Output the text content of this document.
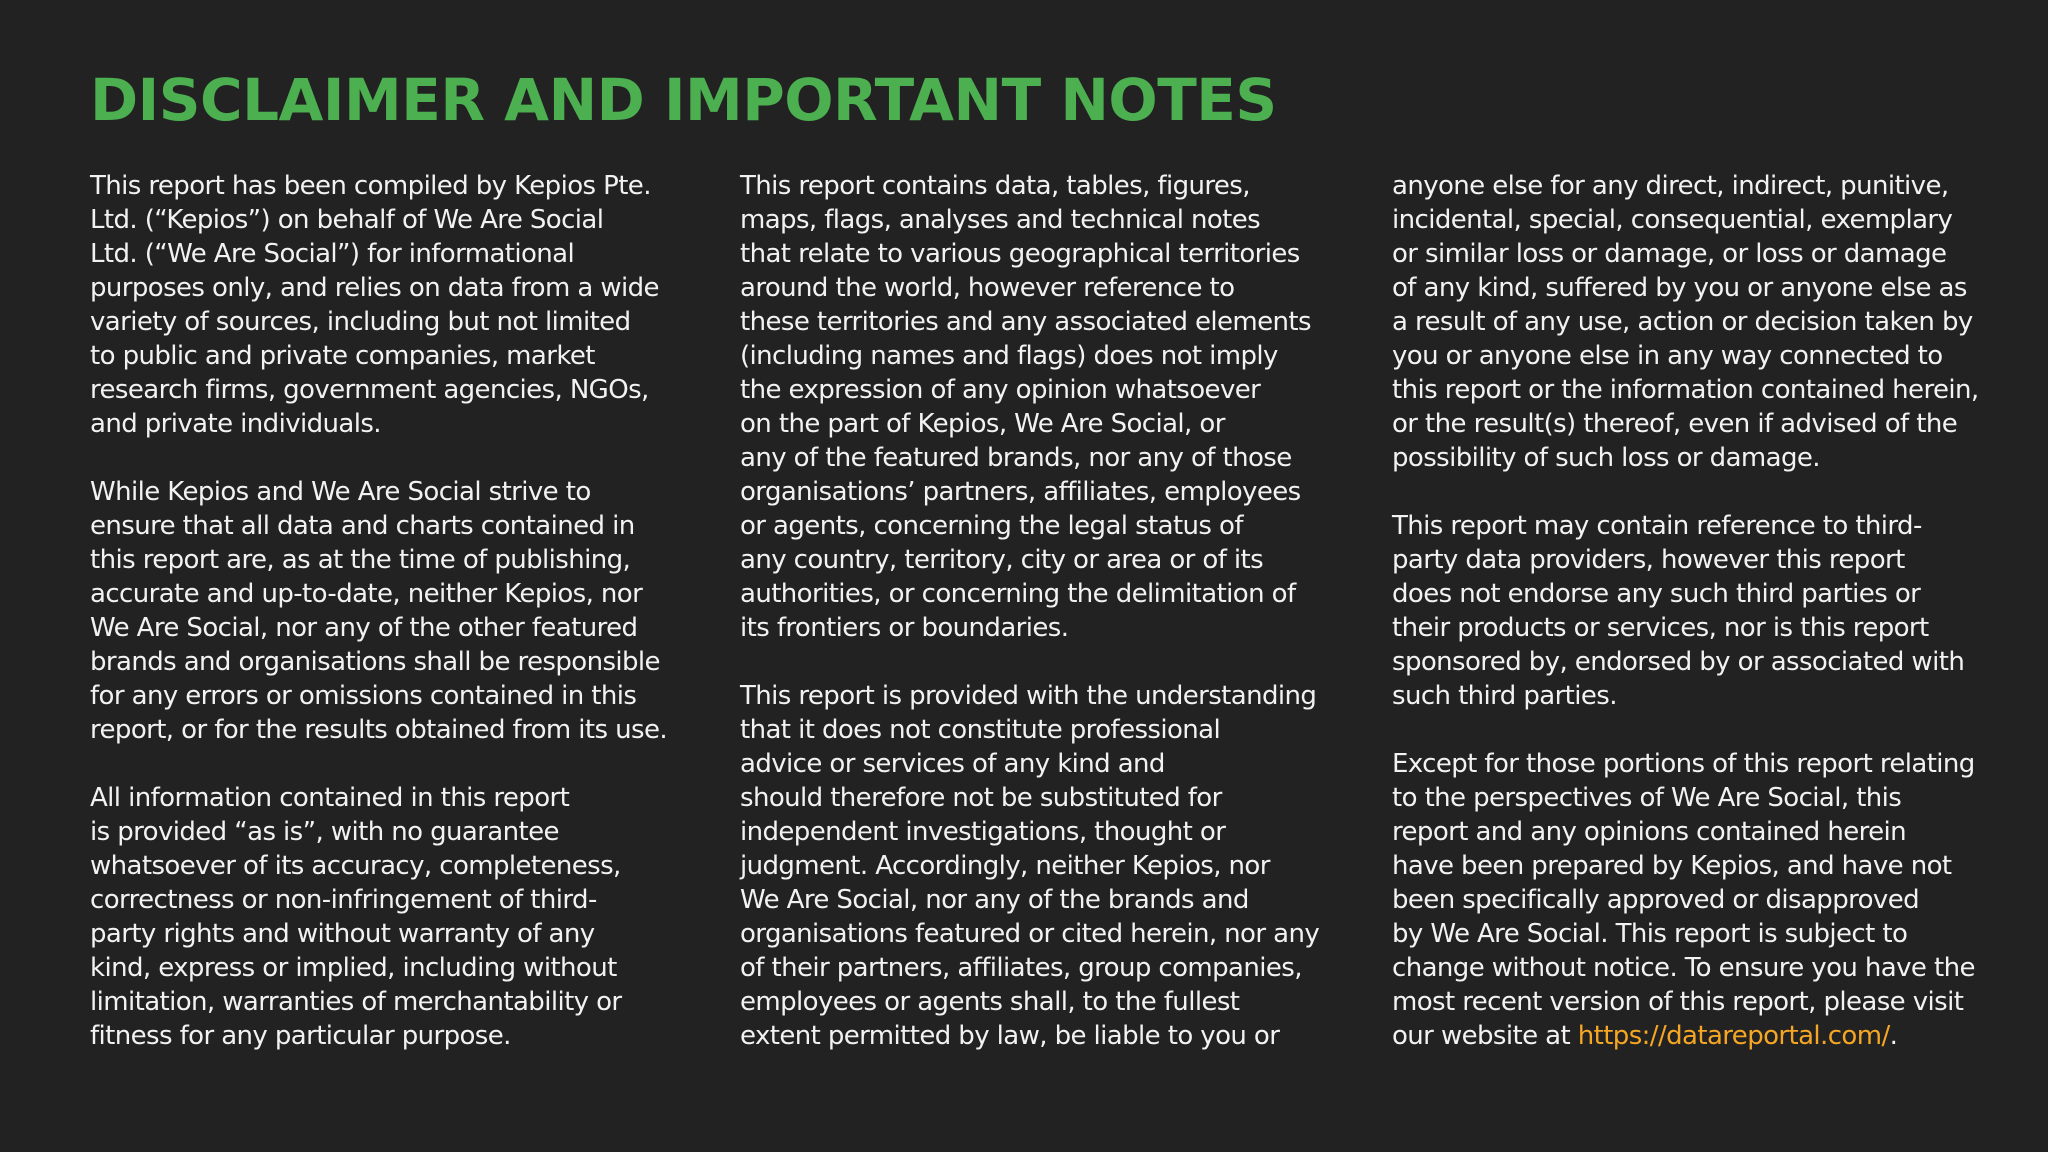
DISCLAIMER AND IMPORTANT NOTES

This report has been compiled by Kepios Pte.
Ltd. (“Kepios”) on behalf of We Are Social
Ltd. (“We Are Social”) for informational
purposes only, and relies on data from a wide
variety of sources, including but not limited
to public and private companies, market
research firms, government agencies, NGOs,
and private individuals.

While Kepios and We Are Social strive to
ensure that all data and charts contained in
this report are, as at the time of publishing,
accurate and up-to-date, neither Kepios, nor
We Are Social, nor any of the other featured
brands and organisations shall be responsible
for any errors or omissions contained in this
report, or for the results obtained from its use.

All information contained in this report
is provided “as is”, with no guarantee
whatsoever of its accuracy, completeness,
correctness or non-infringement of third-
party rights and without warranty of any
kind, express or implied, including without
limitation, warranties of merchantability or
fitness for any particular purpose.

This report contains data, tables, figures,
maps, flags, analyses and technical notes
that relate to various geographical territories
around the world, however reference to
these territories and any associated elements
(including names and flags) does not imply
the expression of any opinion whatsoever
on the part of Kepios, We Are Social, or
any of the featured brands, nor any of those
organisations’ partners, affiliates, employees
or agents, concerning the legal status of
any country, territory, city or area or of its
authorities, or concerning the delimitation of
its frontiers or boundaries.

This report is provided with the understanding
that it does not constitute professional
advice or services of any kind and
should therefore not be substituted for
independent investigations, thought or
judgment. Accordingly, neither Kepios, nor
We Are Social, nor any of the brands and
organisations featured or cited herein, nor any
of their partners, affiliates, group companies,
employees or agents shall, to the fullest
extent permitted by law, be liable to you or

anyone else for any direct, indirect, punitive,
incidental, special, consequential, exemplary
or similar loss or damage, or loss or damage
of any kind, suffered by you or anyone else as
a result of any use, action or decision taken by
you or anyone else in any way connected to
this report or the information contained herein,
or the result(s) thereof, even if advised of the
possibility of such loss or damage.

This report may contain reference to third-
party data providers, however this report
does not endorse any such third parties or
their products or services, nor is this report
sponsored by, endorsed by or associated with
such third parties.

Except for those portions of this report relating
to the perspectives of We Are Social, this
report and any opinions contained herein
have been prepared by Kepios, and have not
been specifically approved or disapproved
by We Are Social. This report is subject to
change without notice. To ensure you have the
most recent version of this report, please visit
our website at https://datareportal.com/.
